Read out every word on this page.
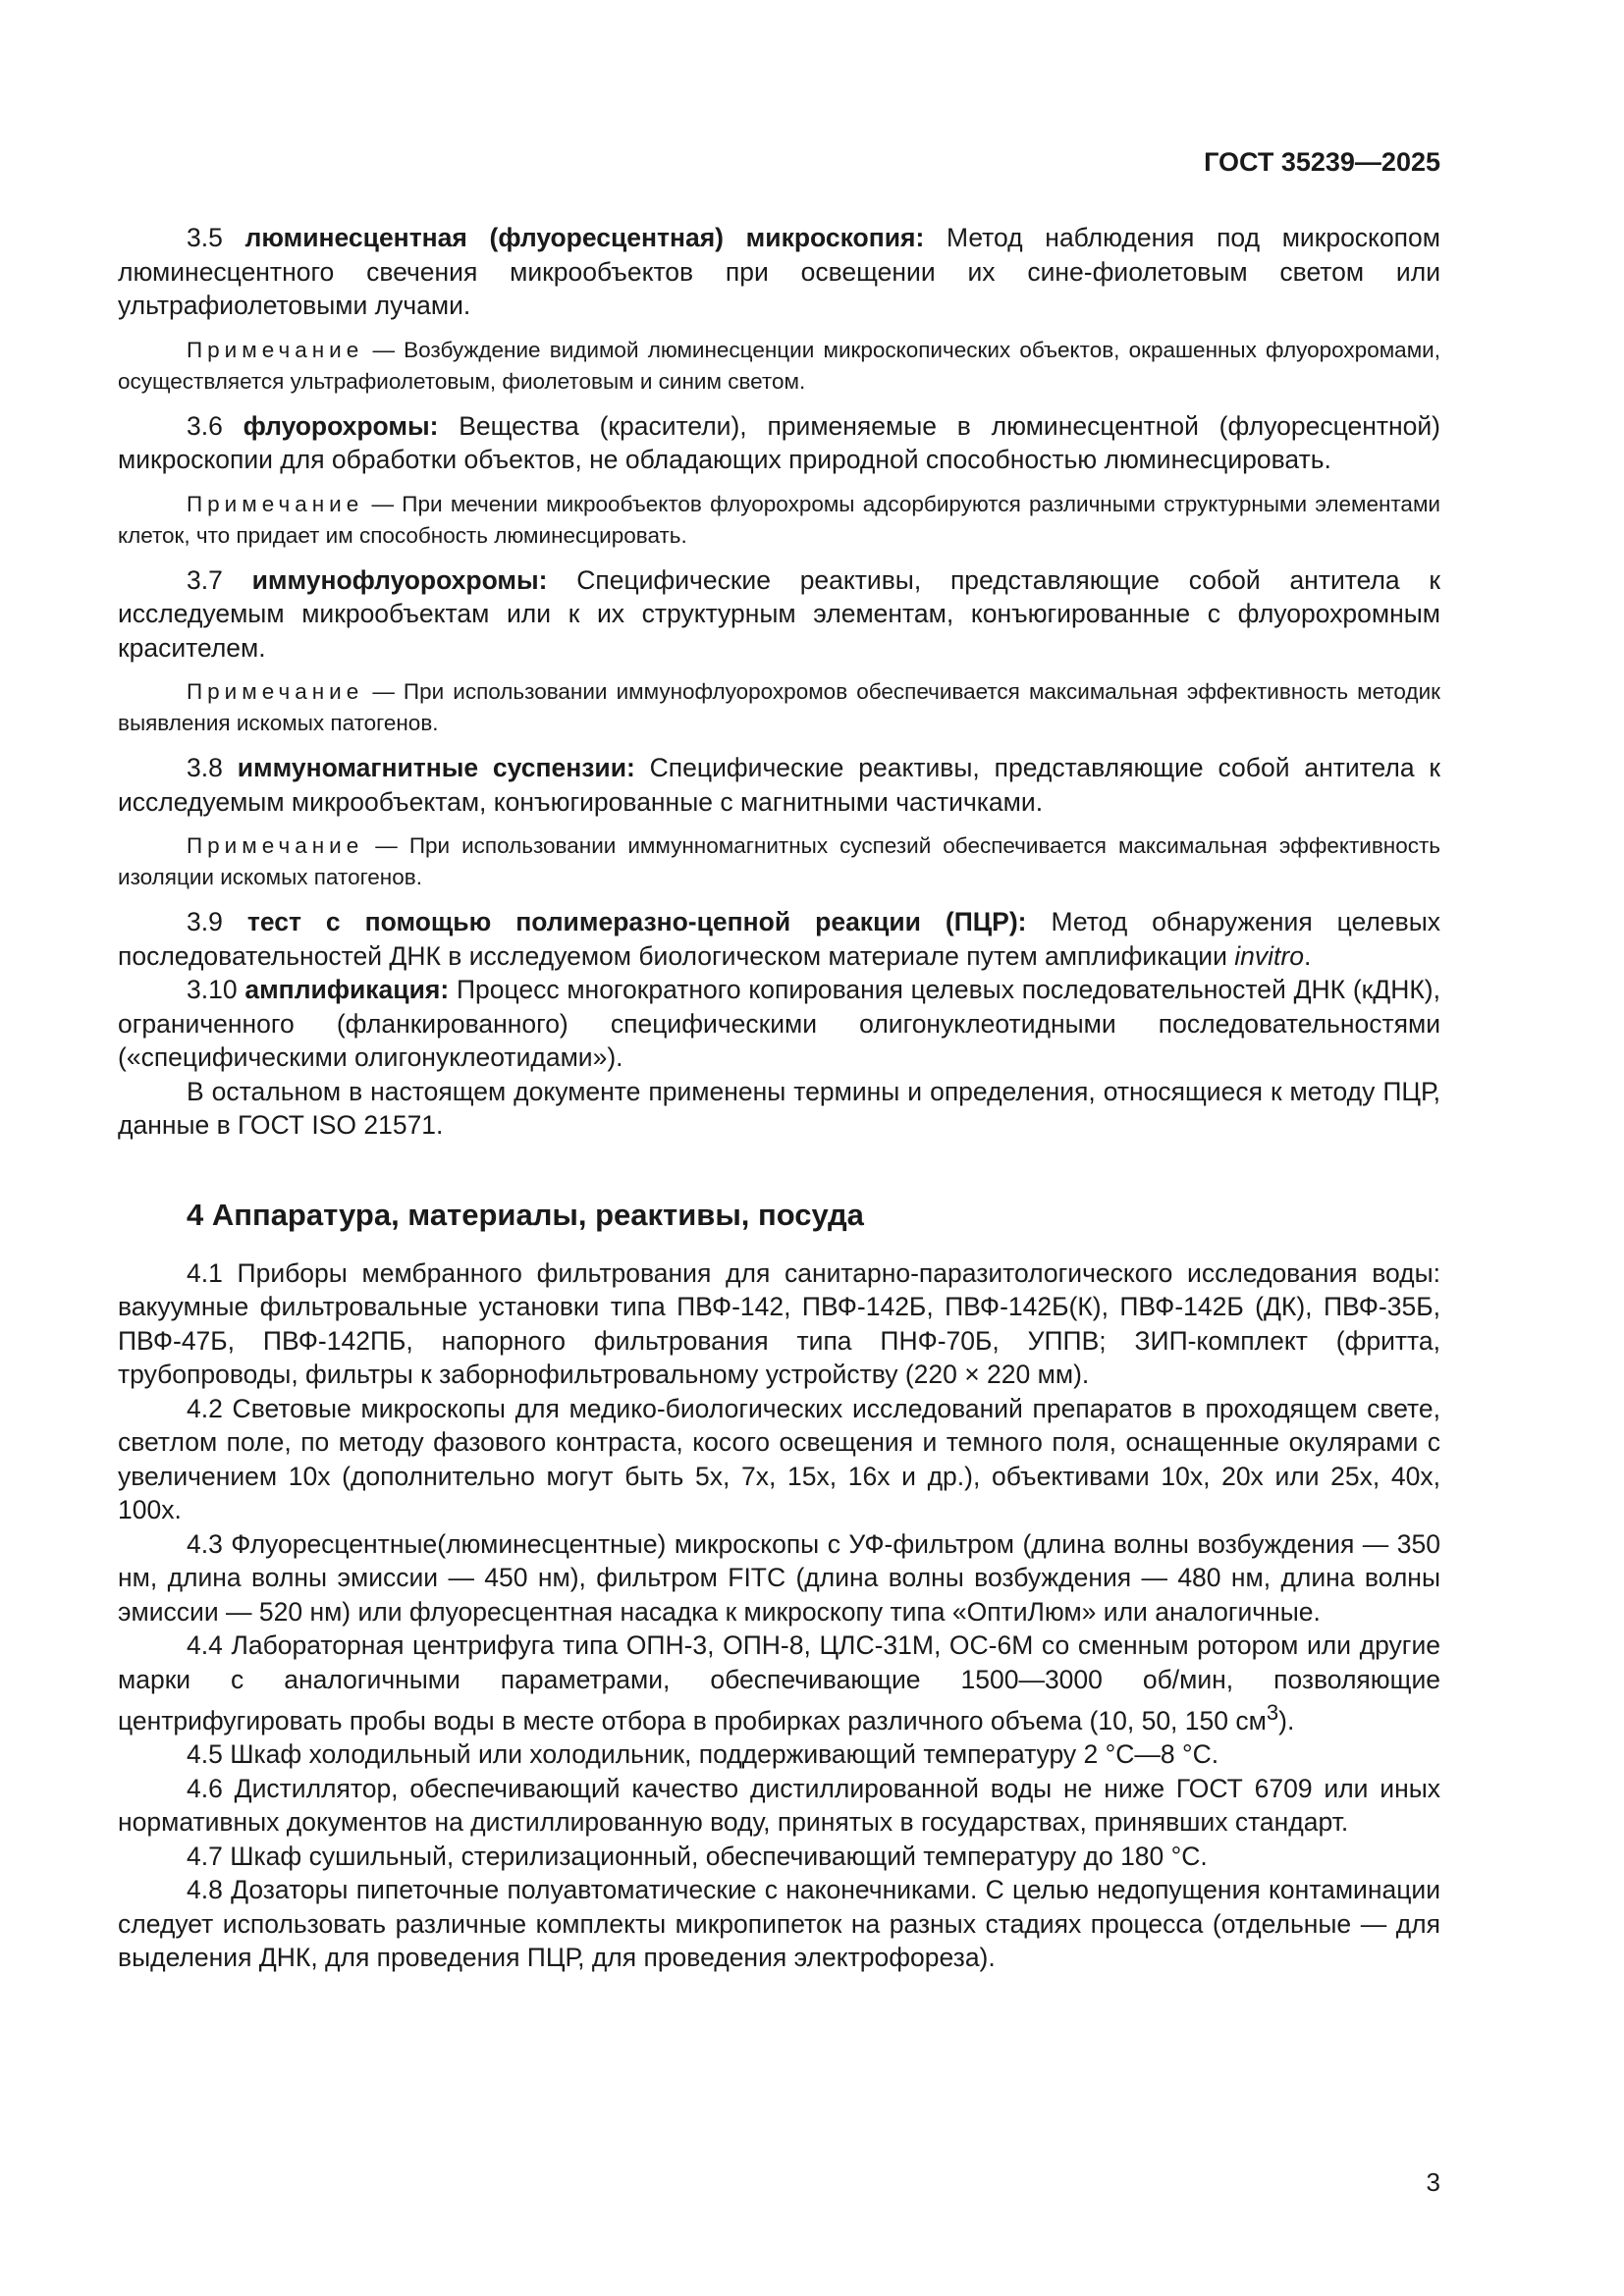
ГОСТ 35239—2025

3.5 люминесцентная (флуоресцентная) микроскопия: Метод наблюдения под микроскопом люминесцентного свечения микрообъектов при освещении их сине-фиолетовым светом или ультрафиолетовыми лучами.

Примечание — Возбуждение видимой люминесценции микроскопических объектов, окрашенных флуорохромами, осуществляется ультрафиолетовым, фиолетовым и синим светом.

3.6 флуорохромы: Вещества (красители), применяемые в люминесцентной (флуоресцентной) микроскопии для обработки объектов, не обладающих природной способностью люминесцировать.

Примечание — При мечении микрообъектов флуорохромы адсорбируются различными структурными элементами клеток, что придает им способность люминесцировать.

3.7 иммунофлуорохромы: Специфические реактивы, представляющие собой антитела к исследуемым микрообъектам или к их структурным элементам, конъюгированные с флуорохромным красителем.

Примечание — При использовании иммунофлуорохромов обеспечивается максимальная эффективность методик выявления искомых патогенов.

3.8 иммуномагнитные суспензии: Специфические реактивы, представляющие собой антитела к исследуемым микрообъектам, конъюгированные с магнитными частичками.

Примечание — При использовании иммунномагнитных суспезий обеспечивается максимальная эффективность изоляции искомых патогенов.

3.9 тест с помощью полимеразно-цепной реакции (ПЦР): Метод обнаружения целевых последовательностей ДНК в исследуемом биологическом материале путем амплификации invitro.

3.10 амплификация: Процесс многократного копирования целевых последовательностей ДНК (кДНК), ограниченного (фланкированного) специфическими олигонуклеотидными последовательностями («специфическими олигонуклеотидами»).

В остальном в настоящем документе применены термины и определения, относящиеся к методу ПЦР, данные в ГОСТ ISO 21571.

4 Аппаратура, материалы, реактивы, посуда

4.1 Приборы мембранного фильтрования для санитарно-паразитологического исследования воды: вакуумные фильтровальные установки типа ПВФ-142, ПВФ-142Б, ПВФ-142Б(К), ПВФ-142Б (ДК), ПВФ-35Б, ПВФ-47Б, ПВФ-142ПБ, напорного фильтрования типа ПНФ-70Б, УППВ; ЗИП-комплект (фритта, трубопроводы, фильтры к заборнофильтровальному устройству (220 × 220 мм).

4.2 Световые микроскопы для медико-биологических исследований препаратов в проходящем свете, светлом поле, по методу фазового контраста, косого освещения и темного поля, оснащенные окулярами с увеличением 10х (дополнительно могут быть 5х, 7х, 15х, 16х и др.), объективами 10х, 20х или 25х, 40х, 100х.

4.3 Флуоресцентные(люминесцентные) микроскопы с УФ-фильтром (длина волны возбуждения — 350 нм, длина волны эмиссии — 450 нм), фильтром FITC (длина волны возбуждения — 480 нм, длина волны эмиссии — 520 нм) или флуоресцентная насадка к микроскопу типа «ОптиЛюм» или аналогичные.

4.4 Лабораторная центрифуга типа ОПН-3, ОПН-8, ЦЛС-31М, ОС-6М со сменным ротором или другие марки с аналогичными параметрами, обеспечивающие 1500—3000 об/мин, позволяющие центрифугировать пробы воды в месте отбора в пробирках различного объема (10, 50, 150 $см^3$).

4.5 Шкаф холодильный или холодильник, поддерживающий температуру 2 °С—8 °С.

4.6 Дистиллятор, обеспечивающий качество дистиллированной воды не ниже ГОСТ 6709 или иных нормативных документов на дистиллированную воду, принятых в государствах, принявших стандарт.

4.7 Шкаф сушильный, стерилизационный, обеспечивающий температуру до 180 °С.

4.8 Дозаторы пипеточные полуавтоматические с наконечниками. С целью недопущения контаминации следует использовать различные комплекты микропипеток на разных стадиях процесса (отдельные — для выделения ДНК, для проведения ПЦР, для проведения электрофореза).

3
